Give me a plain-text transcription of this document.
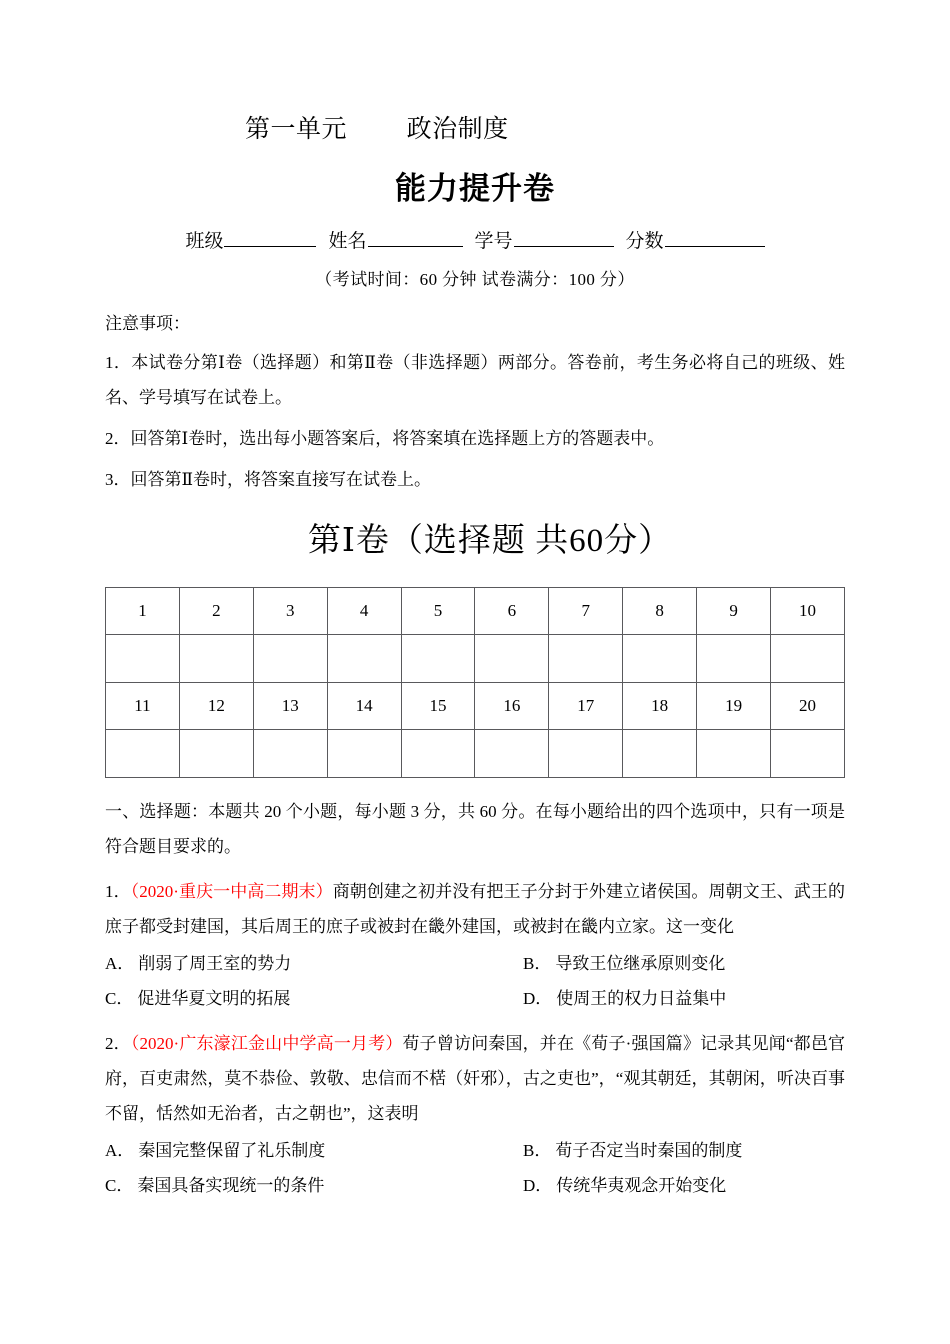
第一单元        政治制度
能力提升卷

班级	姓名	学号	分数

（考试时间：60 分钟 试卷满分：100 分）

注意事项：

1．本试卷分第Ⅰ卷（选择题）和第Ⅱ卷（非选择题）两部分。答卷前，考生务必将自己的班级、姓名、学号填写在试卷上。

2．回答第Ⅰ卷时，选出每小题答案后，将答案填在选择题上方的答题表中。

3．回答第Ⅱ卷时，将答案直接写在试卷上。

第Ⅰ卷（选择题 共60分）

1	2	3	4	5	6	7	8	9	10

11	12	13	14	15	16	17	18	19	20

一、选择题：本题共 20 个小题，每小题 3 分，共 60 分。在每小题给出的四个选项中，只有一项是符合题目要求的。

1．（2020·重庆一中高二期末）商朝创建之初并没有把王子分封于外建立诸侯国。周朝文王、武王的庶子都受封建国，其后周王的庶子或被封在畿外建国，或被封在畿内立家。这一变化

A． 削弱了周王室的势力	B． 导致王位继承原则变化
C． 促进华夏文明的拓展	D． 使周王的权力日益集中

2．（2020·广东濠江金山中学高一月考）荀子曾访问秦国，并在《荀子·强国篇》记录其见闻“都邑官府，百吏肃然，莫不恭俭、敦敬、忠信而不楛（奸邪），古之吏也”，“观其朝廷，其朝闲，听决百事不留，恬然如无治者，古之朝也”，这表明

A． 秦国完整保留了礼乐制度	B． 荀子否定当时秦国的制度
C． 秦国具备实现统一的条件	D． 传统华夷观念开始变化
